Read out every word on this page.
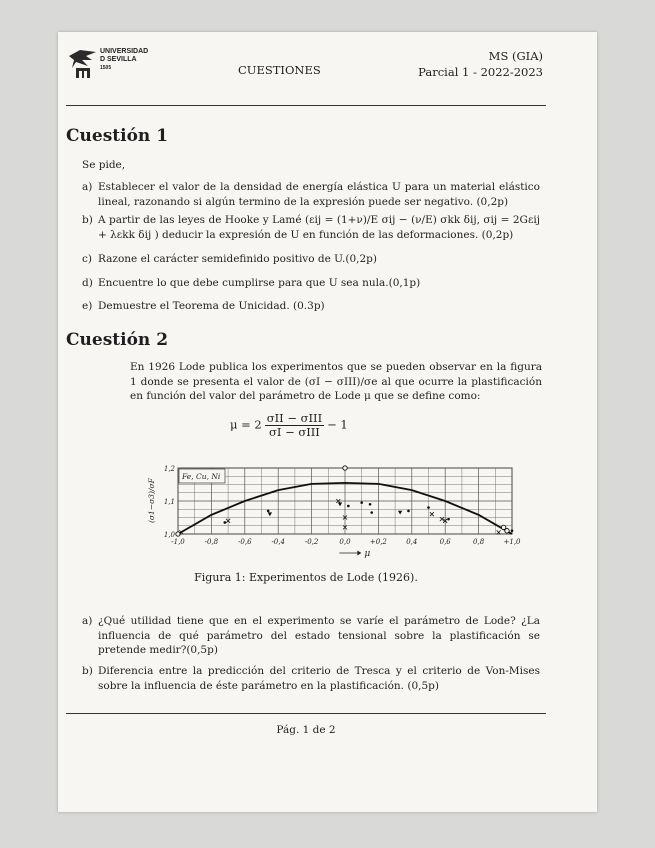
UNIVERSIDAD
D SEVILLA
1505	CUESTIONES
MS (GIA)
Parcial 1 - 2022-2023
Cuestión 1
Se pide,
a) Establecer el valor de la densidad de energía elástica U para un material elástico lineal, razonando si algún termino de la expresión puede ser negativo. (0,2p)
b) A partir de las leyes de Hooke y Lamé (εij = (1+ν)/E σij − (ν/E) σkk δij, σij = 2Gεij + λεkk δij ) deducir la expresión de U en función de las deformaciones. (0,2p)
c) Razone el carácter semidefinido positivo de U.(0,2p)
d) Encuentre lo que debe cumplirse para que U sea nula.(0,1p)
e) Demuestre el Teorema de Unicidad. (0.3p)
Cuestión 2
En 1926 Lode publica los experimentos que se pueden observar en la figura 1 donde se presenta el valor de (σI − σIII)/σe al que ocurre la plastificación en función del valor del parámetro de Lode μ que se define como:
$\mu = 2 \frac{\text{σII − σIII}}{\text{σI − σIII}} - 1$
-1,0	-0,8	-0,6	-0,4	-0,2	0,0	+0,2	0,4	0,6	0,8	+1,0
1,0
1,1
1,2
(σ1−σ3)/σF
μ
Fe, Cu, Ni
Figura 1: Experimentos de Lode (1926).
a) ¿Qué utilidad tiene que en el experimento se varíe el parámetro de Lode? ¿La influencia de qué parámetro del estado tensional sobre la plastificación se pretende medir?(0,5p)
b) Diferencia entre la predicción del criterio de Tresca y el criterio de Von-Mises sobre la influencia de éste parámetro en la plastificación. (0,5p)
Pág. 1 de 2
